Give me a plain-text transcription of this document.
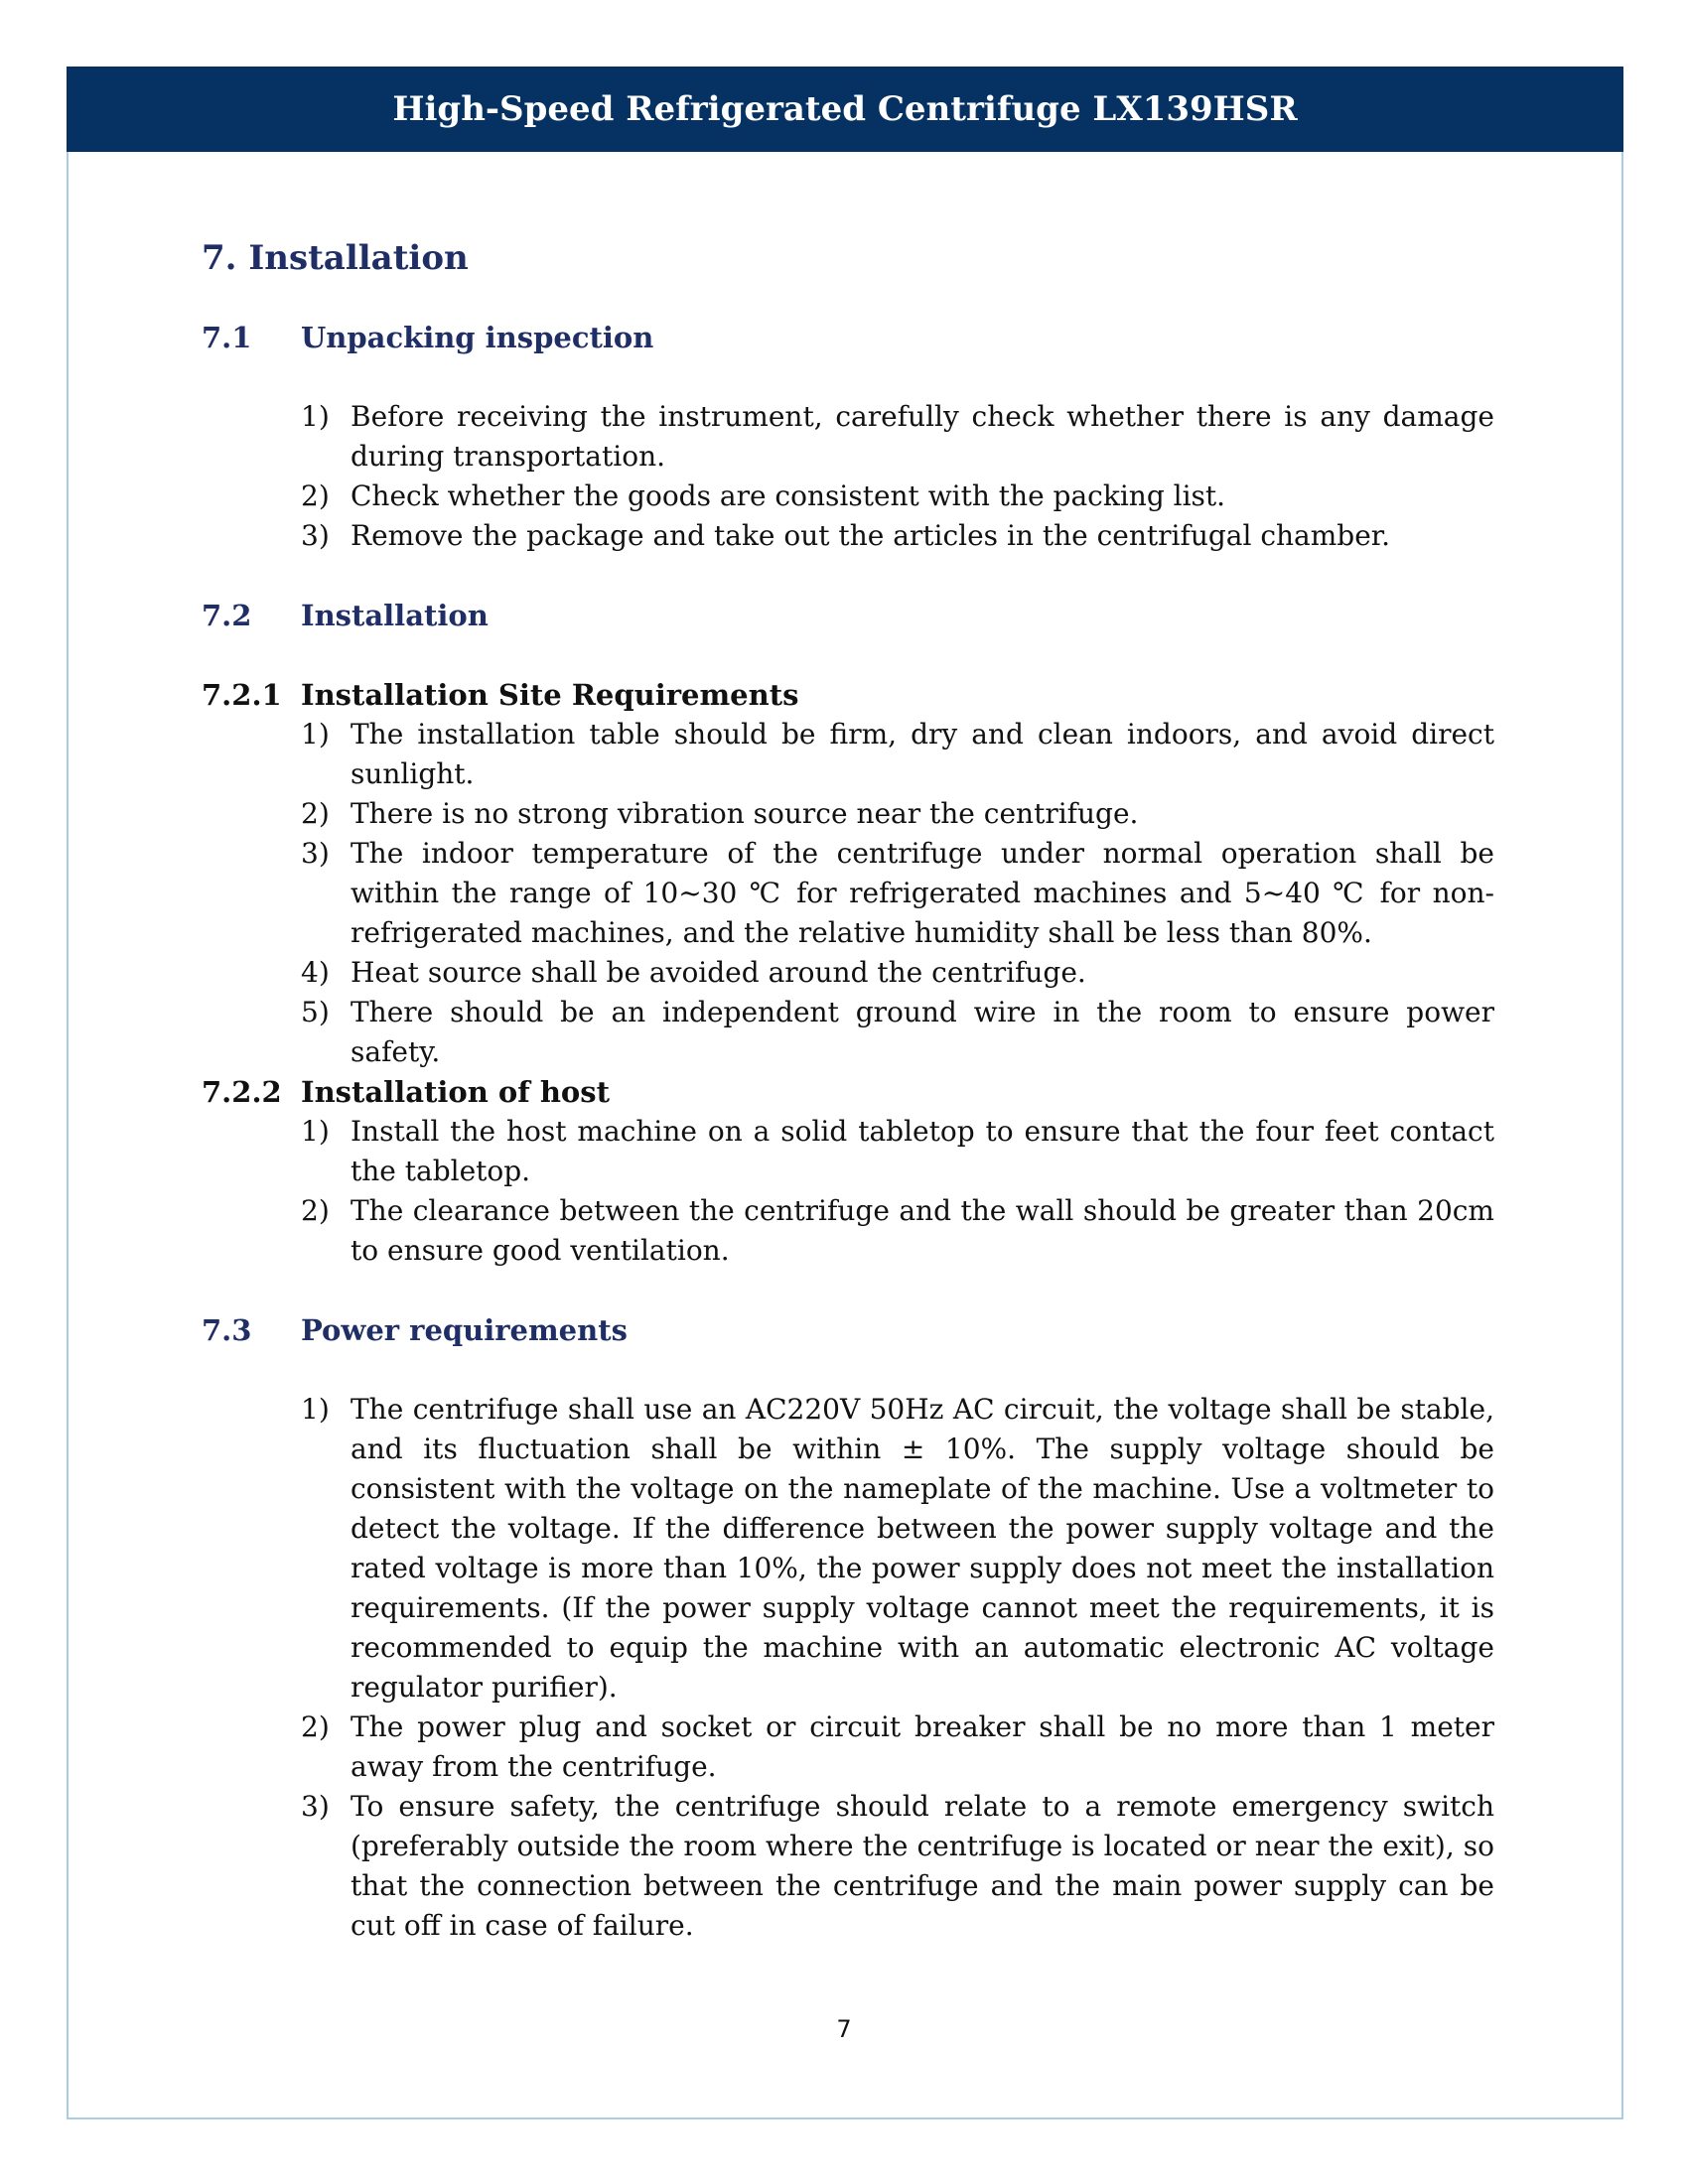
High-Speed Refrigerated Centrifuge LX139HSR
7. Installation
7.1	Unpacking inspection
1) Before receiving the instrument, carefully check whether there is any damage during transportation.
2) Check whether the goods are consistent with the packing list.
3) Remove the package and take out the articles in the centrifugal chamber.
7.2	Installation
7.2.1 Installation Site Requirements
1) The installation table should be firm, dry and clean indoors, and avoid direct sunlight.
2) There is no strong vibration source near the centrifuge.
3) The indoor temperature of the centrifuge under normal operation shall be within the range of 10~30 ℃ for refrigerated machines and 5~40 ℃ for non-refrigerated machines, and the relative humidity shall be less than 80%.
4) Heat source shall be avoided around the centrifuge.
5) There should be an independent ground wire in the room to ensure power safety.
7.2.2 Installation of host
1) Install the host machine on a solid tabletop to ensure that the four feet contact the tabletop.
2) The clearance between the centrifuge and the wall should be greater than 20cm to ensure good ventilation.
7.3	Power requirements
1) The centrifuge shall use an AC220V 50Hz AC circuit, the voltage shall be stable, and its fluctuation shall be within ± 10%. The supply voltage should be consistent with the voltage on the nameplate of the machine. Use a voltmeter to detect the voltage. If the difference between the power supply voltage and the rated voltage is more than 10%, the power supply does not meet the installation requirements. (If the power supply voltage cannot meet the requirements, it is recommended to equip the machine with an automatic electronic AC voltage regulator purifier).
2) The power plug and socket or circuit breaker shall be no more than 1 meter away from the centrifuge.
3) To ensure safety, the centrifuge should relate to a remote emergency switch (preferably outside the room where the centrifuge is located or near the exit), so that the connection between the centrifuge and the main power supply can be cut off in case of failure.
7
